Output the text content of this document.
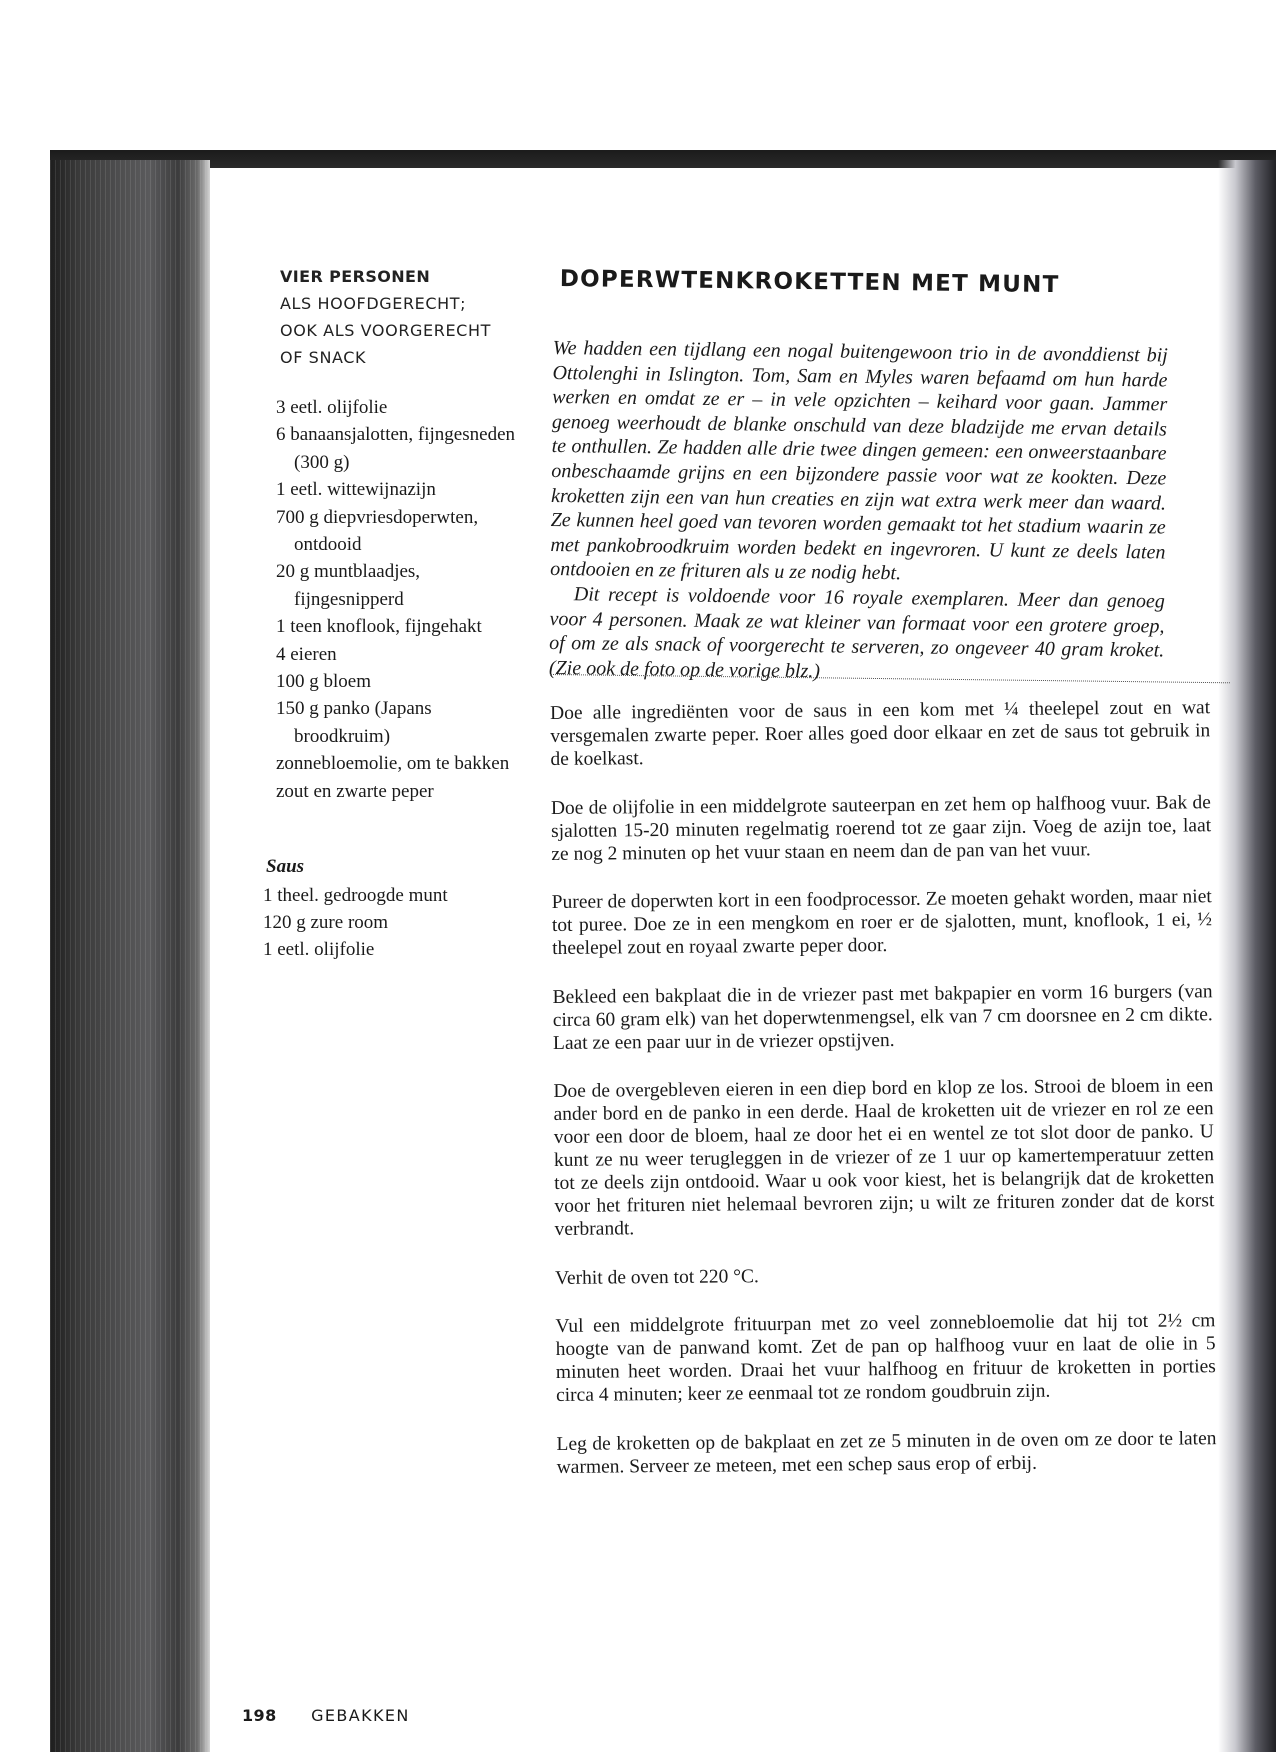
VIER PERSONEN
ALS HOOFDGERECHT;
OOK ALS VOORGERECHT
OF SNACK
3 eetl. olijfolie
6 banaansjalotten, fijngesneden (300 g)
1 eetl. wittewijnazijn
700 g diepvriesdoperwten, ontdooid
20 g muntblaadjes, fijngesnipperd
1 teen knoflook, fijngehakt
4 eieren
100 g bloem
150 g panko (Japans broodkruim)
zonnebloemolie, om te bakken
zout en zwarte peper
Saus
1 theel. gedroogde munt
120 g zure room
1 eetl. olijfolie
198 GEBAKKEN
DOPERWTENKROKETTEN MET MUNT

We hadden een tijdlang een nogal buitengewoon trio in de avonddienst bij Ottolenghi in Islington. Tom, Sam en Myles waren befaamd om hun harde werken en omdat ze er – in vele opzichten – keihard voor gaan. Jammer genoeg weerhoudt de blanke onschuld van deze bladzijde me ervan details te onthullen. Ze hadden alle drie twee dingen gemeen: een onweerstaanbare onbeschaamde grijns en een bijzondere passie voor wat ze kookten. Deze kroketten zijn een van hun creaties en zijn wat extra werk meer dan waard. Ze kunnen heel goed van tevoren worden gemaakt tot het stadium waarin ze met pankobroodkruim worden bedekt en ingevroren. U kunt ze deels laten ontdooien en ze frituren als u ze nodig hebt.

Dit recept is voldoende voor 16 royale exemplaren. Meer dan genoeg voor 4 personen. Maak ze wat kleiner van formaat voor een grotere groep, of om ze als snack of voorgerecht te serveren, zo ongeveer 40 gram kroket. (Zie ook de foto op de vorige blz.)

Doe alle ingrediënten voor de saus in een kom met ¼ theelepel zout en wat versgemalen zwarte peper. Roer alles goed door elkaar en zet de saus tot gebruik in de koelkast.

Doe de olijfolie in een middelgrote sauteerpan en zet hem op halfhoog vuur. Bak de sjalotten 15-20 minuten regelmatig roerend tot ze gaar zijn. Voeg de azijn toe, laat ze nog 2 minuten op het vuur staan en neem dan de pan van het vuur.

Pureer de doperwten kort in een foodprocessor. Ze moeten gehakt worden, maar niet tot puree. Doe ze in een mengkom en roer er de sjalotten, munt, knoflook, 1 ei, ½ theelepel zout en royaal zwarte peper door.

Bekleed een bakplaat die in de vriezer past met bakpapier en vorm 16 burgers (van circa 60 gram elk) van het doperwtenmengsel, elk van 7 cm doorsnee en 2 cm dikte. Laat ze een paar uur in de vriezer opstijven.

Doe de overgebleven eieren in een diep bord en klop ze los. Strooi de bloem in een ander bord en de panko in een derde. Haal de kroketten uit de vriezer en rol ze een voor een door de bloem, haal ze door het ei en wentel ze tot slot door de panko. U kunt ze nu weer terugleggen in de vriezer of ze 1 uur op kamertemperatuur zetten tot ze deels zijn ontdooid. Waar u ook voor kiest, het is belangrijk dat de kroketten voor het frituren niet helemaal bevroren zijn; u wilt ze frituren zonder dat de korst verbrandt.

Verhit de oven tot 220 °C.

Vul een middelgrote frituurpan met zo veel zonnebloemolie dat hij tot 2½ cm hoogte van de panwand komt. Zet de pan op halfhoog vuur en laat de olie in 5 minuten heet worden. Draai het vuur halfhoog en frituur de kroketten in porties circa 4 minuten; keer ze eenmaal tot ze rondom goudbruin zijn.

Leg de kroketten op de bakplaat en zet ze 5 minuten in de oven om ze door te laten warmen. Serveer ze meteen, met een schep saus erop of erbij.
